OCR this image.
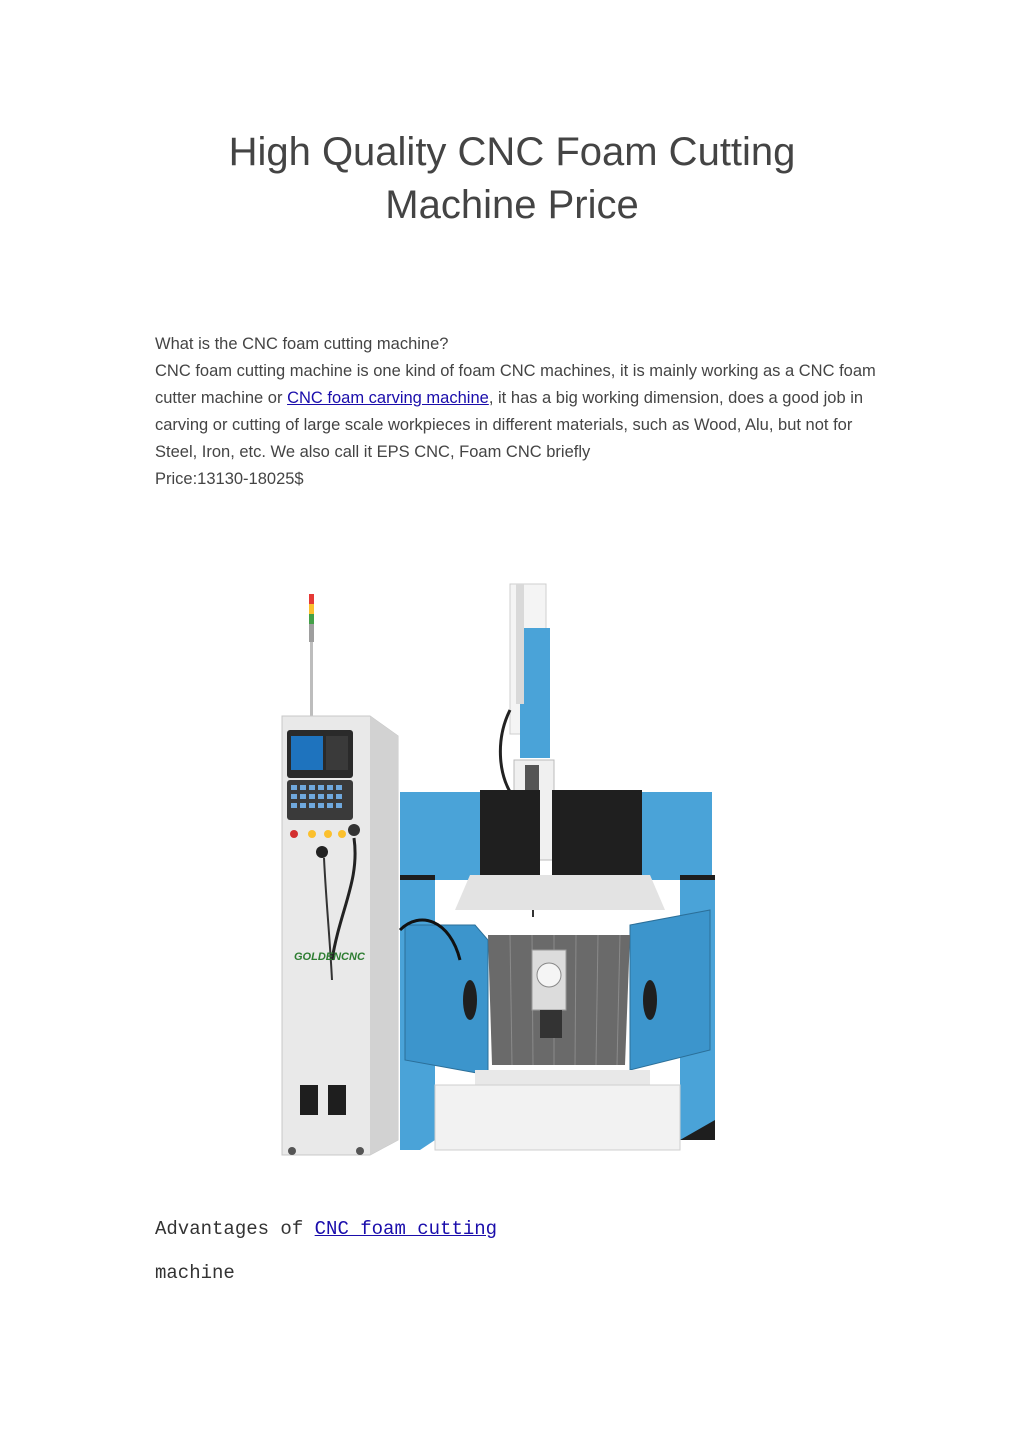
High Quality CNC Foam Cutting
Machine Price

What is the CNC foam cutting machine?

CNC foam cutting machine is one kind of foam CNC machines, it is mainly working as a CNC foam cutter machine or CNC foam carving machine, it has a big working dimension, does a good job in carving or cutting of large scale workpieces in different materials, such as Wood, Alu, but not for Steel, Iron, etc. We also call it EPS CNC, Foam CNC briefly

Price:13130-18025$

GOLDENCNC
Advantages of CNC foam cutting
machine
